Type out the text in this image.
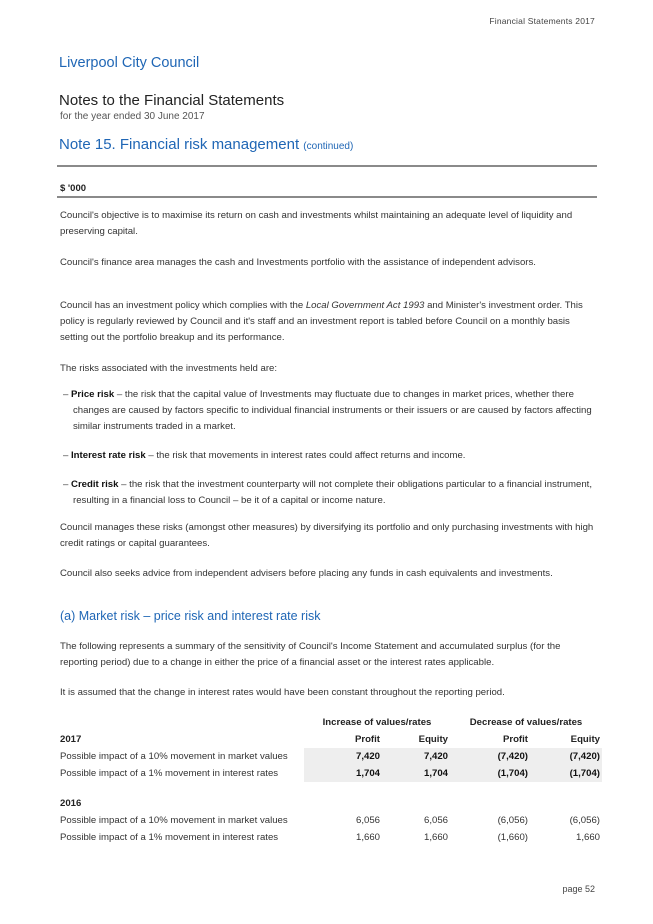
Financial Statements 2017
Liverpool City Council
Notes to the Financial Statements
for the year ended 30 June 2017
Note 15. Financial risk management (continued)
$ '000
Council's objective is to maximise its return on cash and investments whilst maintaining an adequate level of liquidity and preserving capital.
Council's finance area manages the cash and Investments portfolio with the assistance of independent advisors.
Council has an investment policy which complies with the Local Government Act 1993 and Minister's investment order. This policy is regularly reviewed by Council and it's staff and an investment report is tabled before Council on a monthly basis setting out the portfolio breakup and its performance.
The risks associated with the investments held are:
– Price risk – the risk that the capital value of Investments may fluctuate due to changes in market prices, whether there changes are caused by factors specific to individual financial instruments or their issuers or are caused by factors affecting similar instruments traded in a market.
– Interest rate risk – the risk that movements in interest rates could affect returns and income.
– Credit risk – the risk that the investment counterparty will not complete their obligations particular to a financial instrument, resulting in a financial loss to Council – be it of a capital or income nature.
Council manages these risks (amongst other measures) by diversifying its portfolio and only purchasing investments with high credit ratings or capital guarantees.
Council also seeks advice from independent advisers before placing any funds in cash equivalents and investments.
(a) Market risk – price risk and interest rate risk
The following represents a summary of the sensitivity of Council's Income Statement and accumulated surplus (for the reporting period) due to a change in either the price of a financial asset or the interest rates applicable.
It is assumed that the change in interest rates would have been constant throughout the reporting period.
	Increase of values/rates		Decrease of values/rates	
2017	Profit	Equity	Profit	Equity
Possible impact of a 10% movement in market values	7,420	7,420	(7,420)	(7,420)
Possible impact of a 1% movement in interest rates	1,704	1,704	(1,704)	(1,704)

2016				
Possible impact of a 10% movement in market values	6,056	6,056	(6,056)	(6,056)
Possible impact of a 1% movement in interest rates	1,660	1,660	(1,660)	1,660
page 52
